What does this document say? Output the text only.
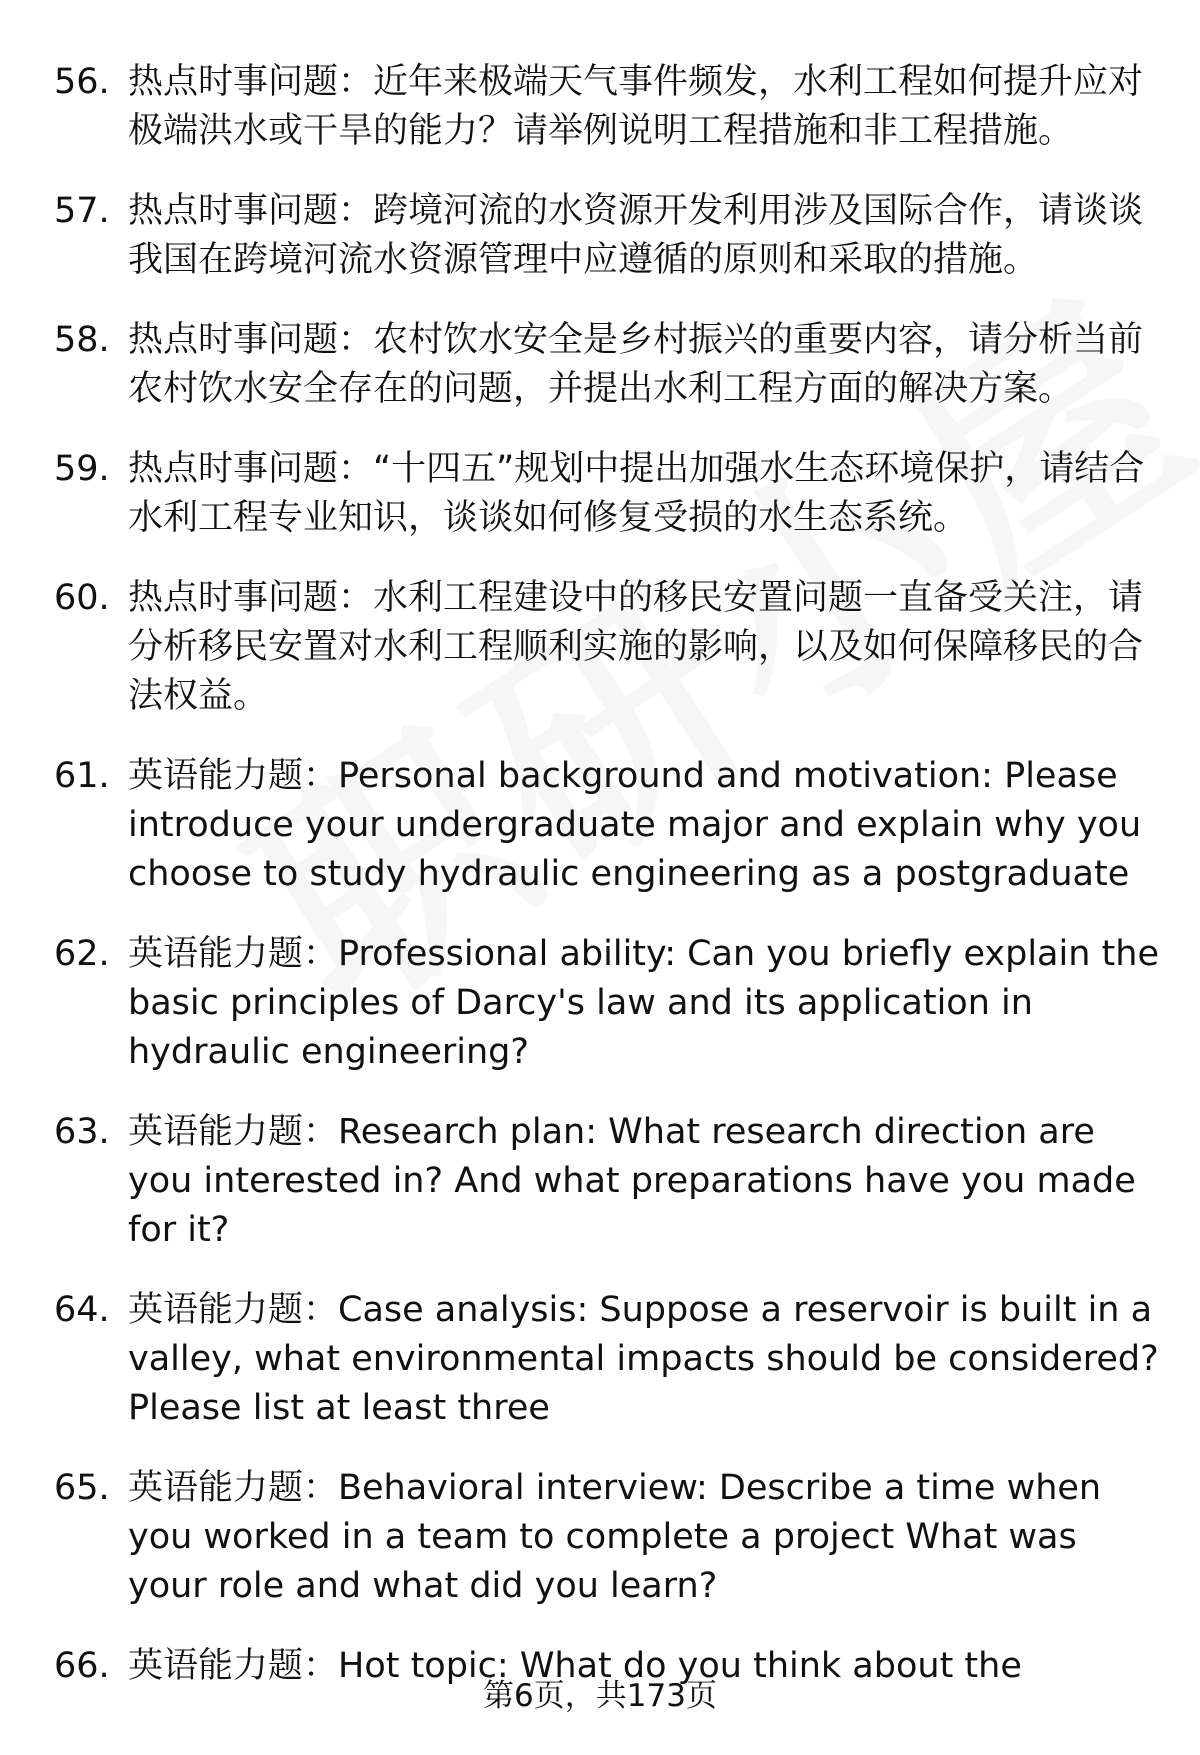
56. 热点时事问题：近年来极端天气事件频发，水利工程如何提升应对极端洪水或干旱的能力？请举例说明工程措施和非工程措施。
57. 热点时事问题：跨境河流的水资源开发利用涉及国际合作，请谈谈我国在跨境河流水资源管理中应遵循的原则和采取的措施。
58. 热点时事问题：农村饮水安全是乡村振兴的重要内容，请分析当前农村饮水安全存在的问题，并提出水利工程方面的解决方案。
59. 热点时事问题：“十四五”规划中提出加强水生态环境保护，请结合水利工程专业知识，谈谈如何修复受损的水生态系统。
60. 热点时事问题：水利工程建设中的移民安置问题一直备受关注，请分析移民安置对水利工程顺利实施的影响，以及如何保障移民的合法权益。
61. 英语能力题：Personal background and motivation: Please introduce your undergraduate major and explain why you choose to study hydraulic engineering as a postgraduate
62. 英语能力题：Professional ability: Can you briefly explain the basic principles of Darcy's law and its application in hydraulic engineering?
63. 英语能力题：Research plan: What research direction are you interested in? And what preparations have you made for it?
64. 英语能力题：Case analysis: Suppose a reservoir is built in a valley, what environmental impacts should be considered? Please list at least three
65. 英语能力题：Behavioral interview: Describe a time when you worked in a team to complete a project What was your role and what did you learn?
66. 英语能力题：Hot topic: What do you think about the
第6页，共173页
